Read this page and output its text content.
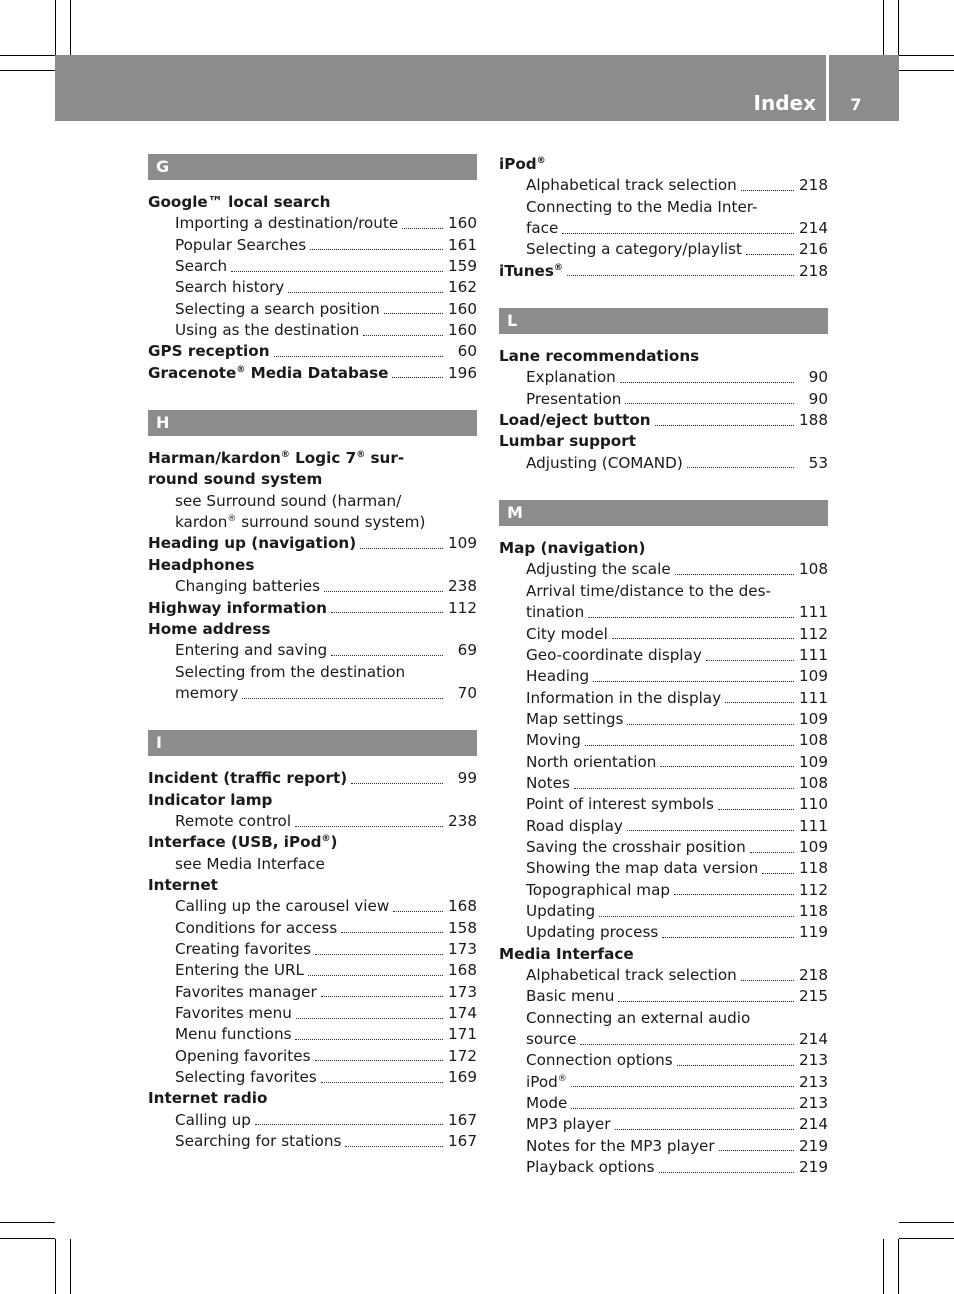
Index	7
G
Google™ local search
Importing a destination/route	160
Popular Searches	161
Search	159
Search history	162
Selecting a search position	160
Using as the destination	160
GPS reception	60
Gracenote® Media Database	196
H
Harman/kardon® Logic 7® sur-
round sound system
see Surround sound (harman/
kardon® surround sound system)
Heading up (navigation)	109
Headphones
Changing batteries	238
Highway information	112
Home address
Entering and saving	69
Selecting from the destination
memory	70
I
Incident (traffic report)	99
Indicator lamp
Remote control	238
Interface (USB, iPod®)
see Media Interface
Internet
Calling up the carousel view	168
Conditions for access	158
Creating favorites	173
Entering the URL	168
Favorites manager	173
Favorites menu	174
Menu functions	171
Opening favorites	172
Selecting favorites	169
Internet radio
Calling up	167
Searching for stations	167
iPod®
Alphabetical track selection	218
Connecting to the Media Inter-
face	214
Selecting a category/playlist	216
iTunes®	218
L
Lane recommendations
Explanation	90
Presentation	90
Load/eject button	188
Lumbar support
Adjusting (COMAND)	53
M
Map (navigation)
Adjusting the scale	108
Arrival time/distance to the des-
tination	111
City model	112
Geo-coordinate display	111
Heading	109
Information in the display	111
Map settings	109
Moving	108
North orientation	109
Notes	108
Point of interest symbols	110
Road display	111
Saving the crosshair position	109
Showing the map data version	118
Topographical map	112
Updating	118
Updating process	119
Media Interface
Alphabetical track selection	218
Basic menu	215
Connecting an external audio
source	214
Connection options	213
iPod®	213
Mode	213
MP3 player	214
Notes for the MP3 player	219
Playback options	219
